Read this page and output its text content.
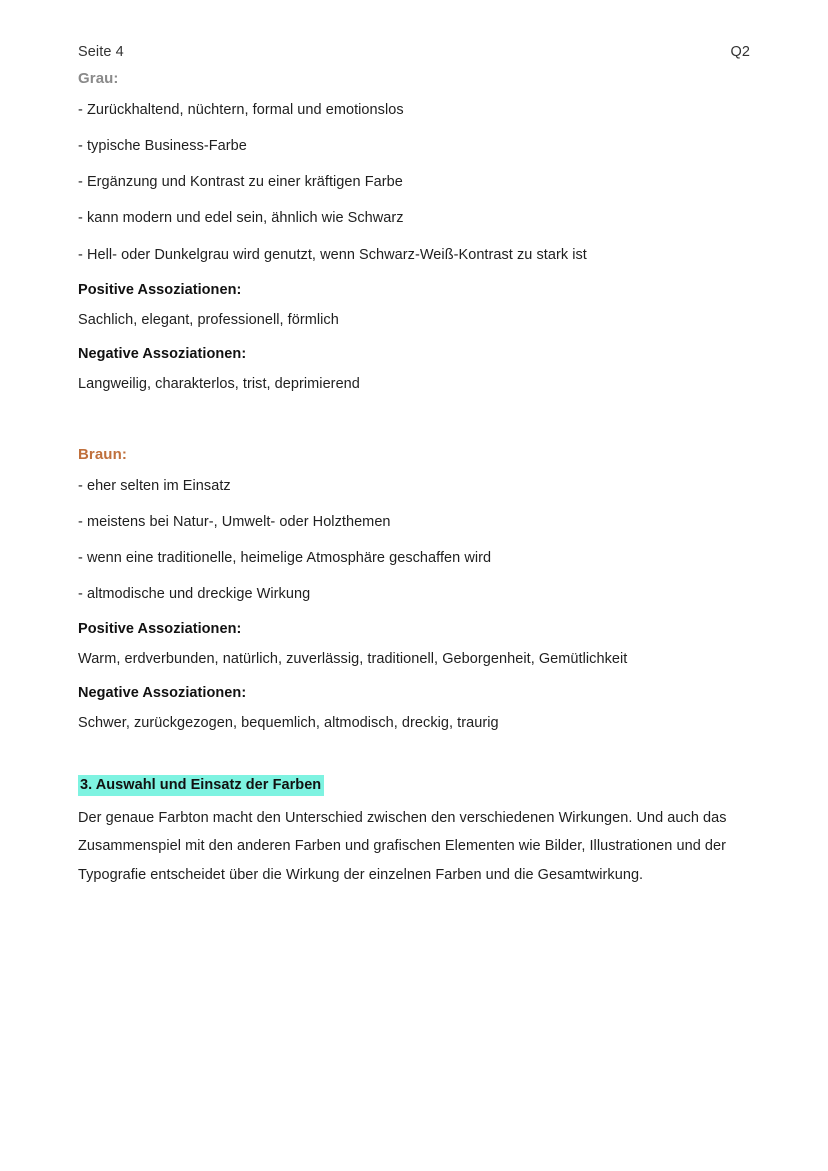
Seite 4	Q2
Grau:

- Zurückhaltend, nüchtern, formal und emotionslos

- typische Business-Farbe

- Ergänzung und Kontrast zu einer kräftigen Farbe

- kann modern und edel sein, ähnlich wie Schwarz

- Hell- oder Dunkelgrau wird genutzt, wenn Schwarz-Weiß-Kontrast zu stark ist

Positive Assoziationen:

Sachlich, elegant, professionell, förmlich

Negative Assoziationen:

Langweilig, charakterlos, trist, deprimierend

Braun:

- eher selten im Einsatz

- meistens bei Natur-, Umwelt- oder Holzthemen

- wenn eine traditionelle, heimelige Atmosphäre geschaffen wird

- altmodische und dreckige Wirkung

Positive Assoziationen:

Warm, erdverbunden, natürlich, zuverlässig, traditionell, Geborgenheit, Gemütlichkeit

Negative Assoziationen:

Schwer, zurückgezogen, bequemlich, altmodisch, dreckig, traurig

3. Auswahl und Einsatz der Farben

Der genaue Farbton macht den Unterschied zwischen den verschiedenen Wirkungen. Und auch das Zusammenspiel mit den anderen Farben und grafischen Elementen wie Bilder, Illustrationen und der Typografie entscheidet über die Wirkung der einzelnen Farben und die Gesamtwirkung.
